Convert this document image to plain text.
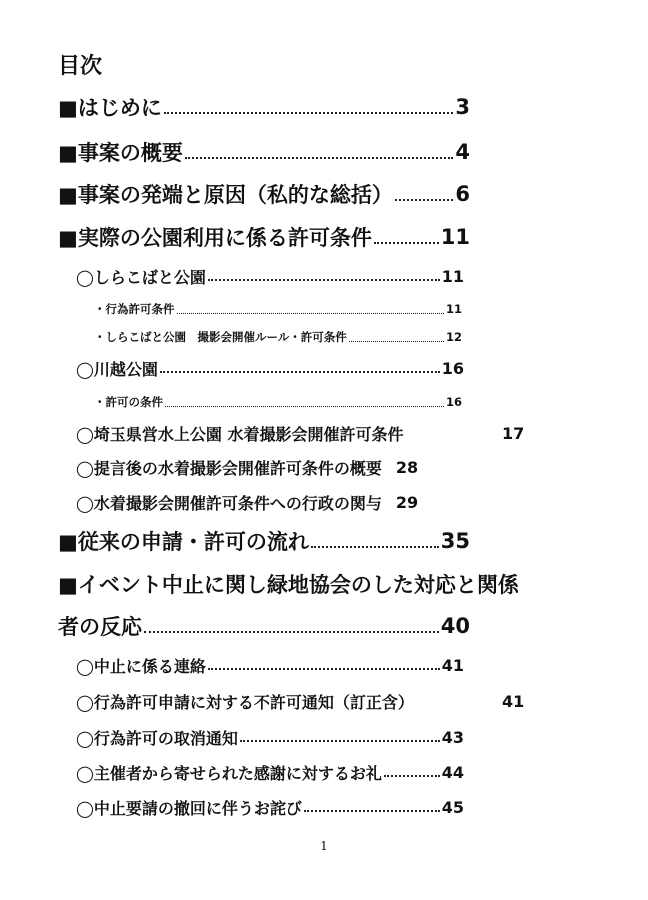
目次
■はじめに	3
■事案の概要	4
■事案の発端と原因（私的な総括）	6
■実際の公園利用に係る許可条件	11
◯しらこばと公園	11
・行為許可条件	11
・しらこばと公園　撮影会開催ルール・許可条件	12
◯川越公園	16
・許可の条件	16
◯埼玉県営水上公園 水着撮影会開催許可条件	17
◯提言後の水着撮影会開催許可条件の概要 28
◯水着撮影会開催許可条件への行政の関与 29
■従来の申請・許可の流れ	35
■イベント中止に関し緑地協会のした対応と関係
者の反応	40
◯中止に係る連絡	41
◯行為許可申請に対する不許可通知（訂正含）	41
◯行為許可の取消通知	43
◯主催者から寄せられた感謝に対するお礼	44
◯中止要請の撤回に伴うお詫び	45
1
